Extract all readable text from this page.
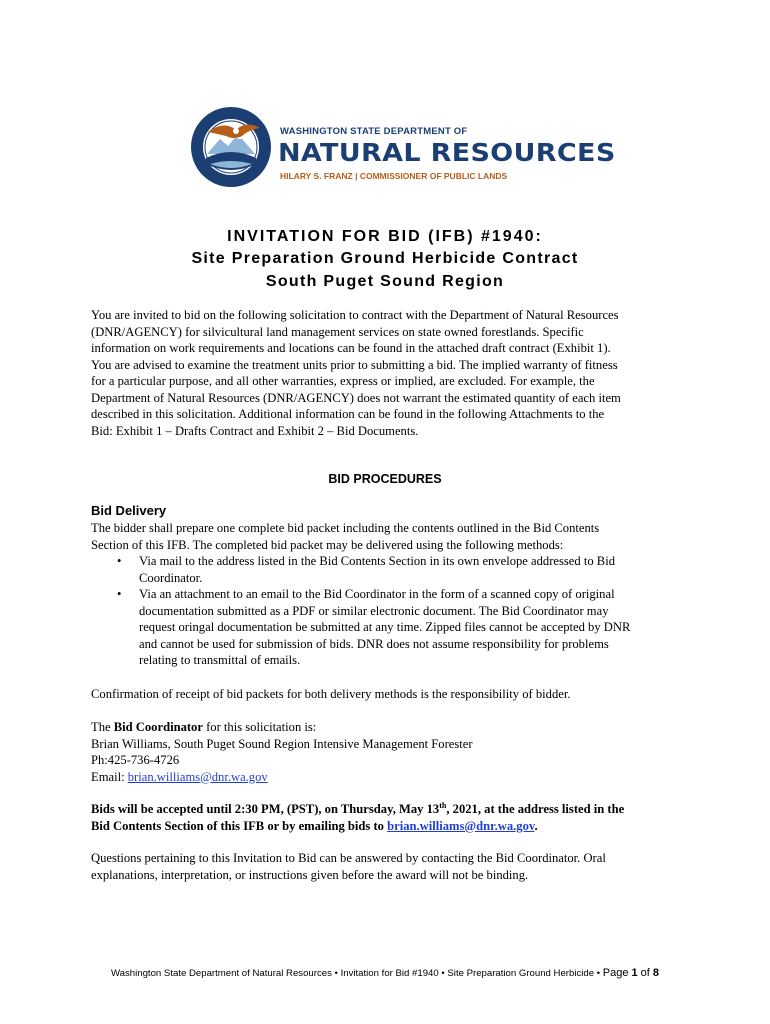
WASHINGTON STATE DEPARTMENT OF
NATURAL RESOURCES
HILARY S. FRANZ | COMMISSIONER OF PUBLIC LANDS
INVITATION FOR BID (IFB) #1940:
Site Preparation Ground Herbicide Contract
South Puget Sound Region

You are invited to bid on the following solicitation to contract with the Department of Natural Resources

(DNR/AGENCY) for silvicultural land management services on state owned forestlands. Specific

information on work requirements and locations can be found in the attached draft contract (Exhibit 1).

You are advised to examine the treatment units prior to submitting a bid. The implied warranty of fitness

for a particular purpose, and all other warranties, express or implied, are excluded. For example, the

Department of Natural Resources (DNR/AGENCY) does not warrant the estimated quantity of each item

described in this solicitation. Additional information can be found in the following Attachments to the

Bid: Exhibit 1 – Drafts Contract and Exhibit 2 – Bid Documents.

BID PROCEDURES
Bid Delivery

The bidder shall prepare one complete bid packet including the contents outlined in the Bid Contents

Section of this IFB. The completed bid packet may be delivered using the following methods:

• Via mail to the address listed in the Bid Contents Section in its own envelope addressed to Bid
Coordinator.
• Via an attachment to an email to the Bid Coordinator in the form of a scanned copy of original
documentation submitted as a PDF or similar electronic document. The Bid Coordinator may
request oringal documentation be submitted at any time. Zipped files cannot be accepted by DNR
and cannot be used for submission of bids. DNR does not assume responsibility for problems
relating to transmittal of emails.
Confirmation of receipt of bid packets for both delivery methods is the responsibility of bidder.
The Bid Coordinator for this solicitation is:
Brian Williams, South Puget Sound Region Intensive Management Forester
Ph:425-736-4726
Email: brian.williams@dnr.wa.gov
Bids will be accepted until 2:30 PM, (PST), on Thursday, May 13th, 2021, at the address listed in the
Bid Contents Section of this IFB or by emailing bids to brian.williams@dnr.wa.gov.
Questions pertaining to this Invitation to Bid can be answered by contacting the Bid Coordinator. Oral
explanations, interpretation, or instructions given before the award will not be binding.
Washington State Department of Natural Resources • Invitation for Bid #1940 • Site Preparation Ground Herbicide • Page 1 of 8
